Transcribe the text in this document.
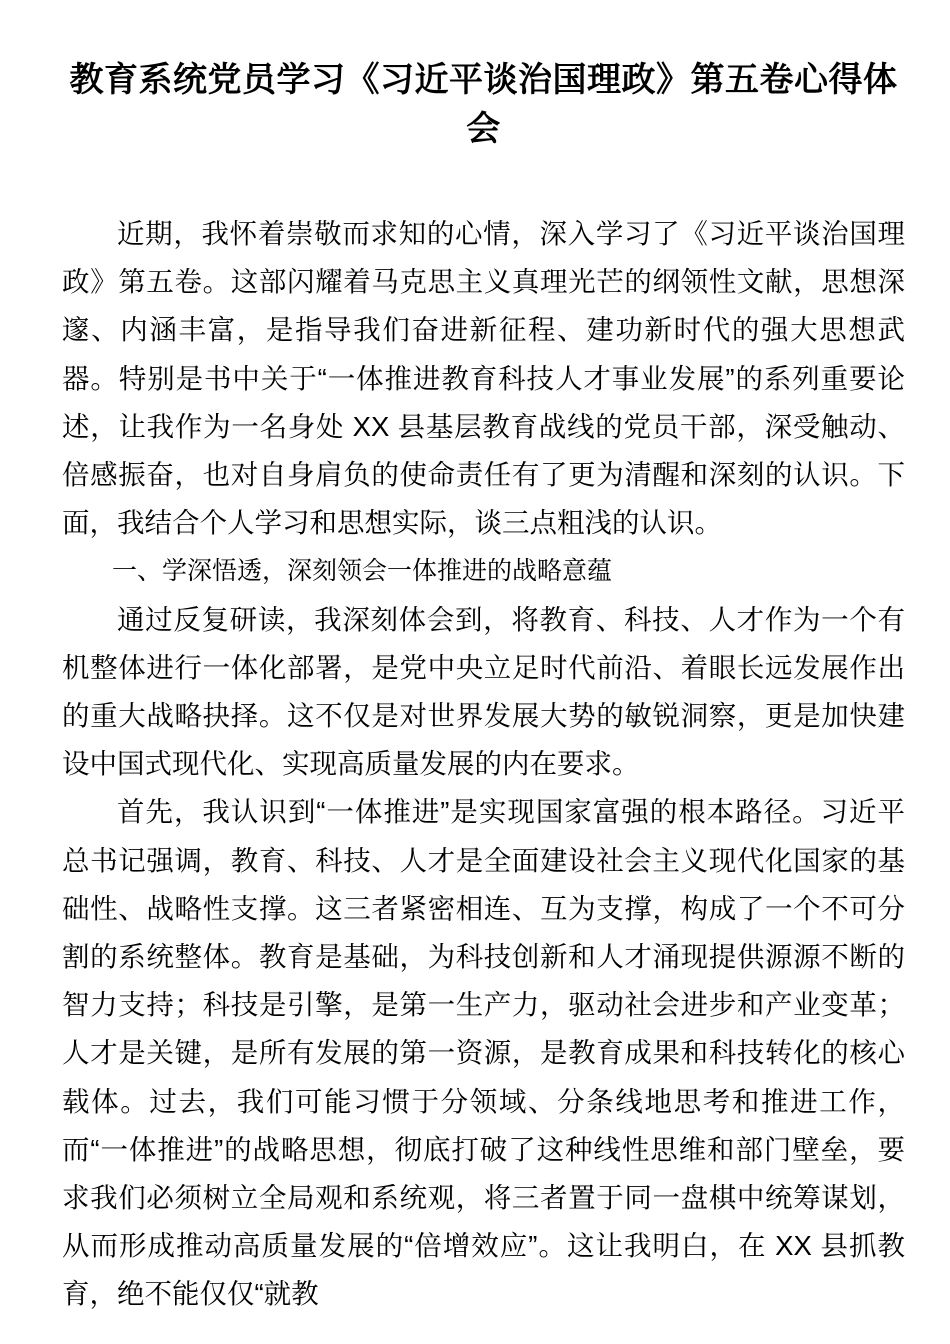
教育系统党员学习《习近平谈治国理政》第五卷心得体会

近期，我怀着崇敬而求知的心情，深入学习了《习近平谈治国理政》第五卷。这部闪耀着马克思主义真理光芒的纲领性文献，思想深邃、内涵丰富，是指导我们奋进新征程、建功新时代的强大思想武器。特别是书中关于“一体推进教育科技人才事业发展”的系列重要论述，让我作为一名身处 XX 县基层教育战线的党员干部，深受触动、倍感振奋，也对自身肩负的使命责任有了更为清醒和深刻的认识。下面，我结合个人学习和思想实际，谈三点粗浅的认识。

一、学深悟透，深刻领会一体推进的战略意蕴

通过反复研读，我深刻体会到，将教育、科技、人才作为一个有机整体进行一体化部署，是党中央立足时代前沿、着眼长远发展作出的重大战略抉择。这不仅是对世界发展大势的敏锐洞察，更是加快建设中国式现代化、实现高质量发展的内在要求。

首先，我认识到“一体推进”是实现国家富强的根本路径。习近平总书记强调，教育、科技、人才是全面建设社会主义现代化国家的基础性、战略性支撑。这三者紧密相连、互为支撑，构成了一个不可分割的系统整体。教育是基础，为科技创新和人才涌现提供源源不断的智力支持；科技是引擎，是第一生产力，驱动社会进步和产业变革；人才是关键，是所有发展的第一资源，是教育成果和科技转化的核心载体。过去，我们可能习惯于分领域、分条线地思考和推进工作，而“一体推进”的战略思想，彻底打破了这种线性思维和部门壁垒，要求我们必须树立全局观和系统观，将三者置于同一盘棋中统筹谋划，从而形成推动高质量发展的“倍增效应”。这让我明白，在 XX 县抓教育，绝不能仅仅“就教
